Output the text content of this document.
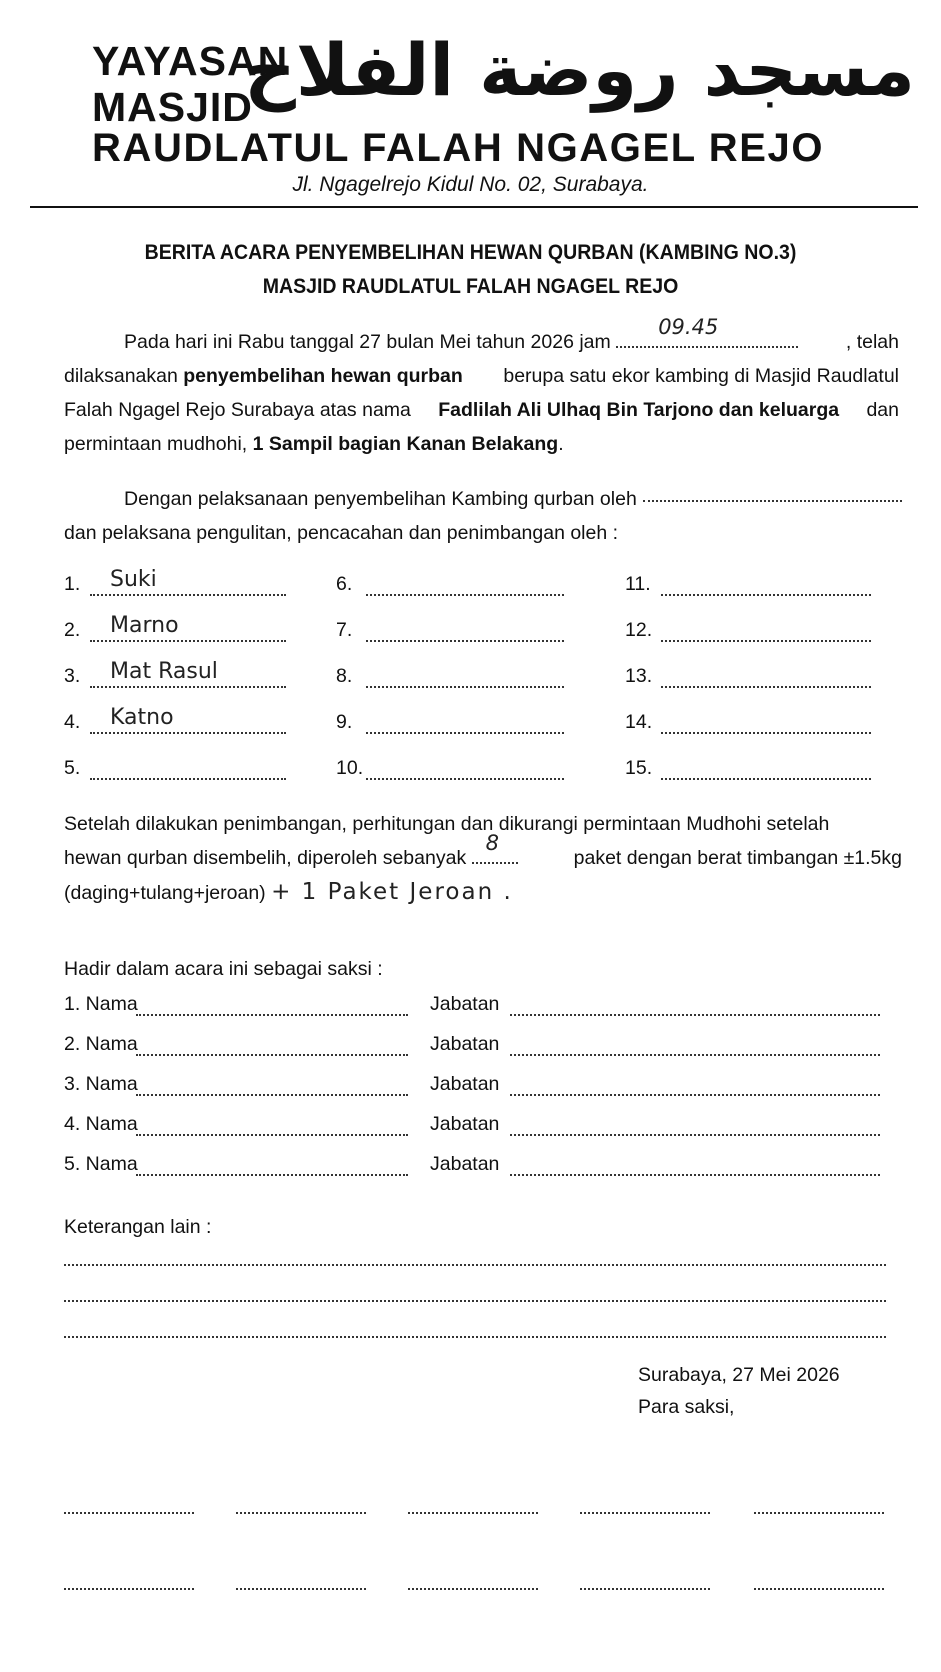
YAYASAN
MASJID
مسجد روضة الفلاح
RAUDLATUL FALAH NGAGEL REJO
Jl. Ngagelrejo Kidul No. 02, Surabaya.
BERITA ACARA PENYEMBELIHAN HEWAN QURBAN (KAMBING NO.3)
MASJID RAUDLATUL FALAH NGAGEL REJO
Pada hari ini Rabu tanggal 27 bulan Mei tahun 2026 jam
09.45
, telah
dilaksanakan penyembelihan hewan qurban berupa satu ekor kambing di Masjid Raudlatul
Falah Ngagel Rejo Surabaya atas nama Fadlilah Ali Ulhaq Bin Tarjono dan keluarga dan
permintaan mudhohi, 1 Sampil bagian Kanan Belakang.
Dengan pelaksanaan penyembelihan Kambing qurban oleh
dan pelaksana pengulitan, pencacahan dan penimbangan oleh :
1.	Suki
2.	Marno
3.	Mat Rasul
4.	Katno
5.
6.
7.
8.
9.
10.
11.
12.
13.
14.
15.
Setelah dilakukan penimbangan, perhitungan dan dikurangi permintaan Mudhohi setelah
hewan qurban disembelih, diperoleh sebanyak
8
paket dengan berat timbangan ±1.5kg
(daging+tulang+jeroan) + 1 Paket Jeroan .
Hadir dalam acara ini sebagai saksi :
1. Nama	Jabatan
2. Nama	Jabatan
3. Nama	Jabatan
4. Nama	Jabatan
5. Nama	Jabatan
Keterangan lain :
Surabaya, 27 Mei 2026
Para saksi,
